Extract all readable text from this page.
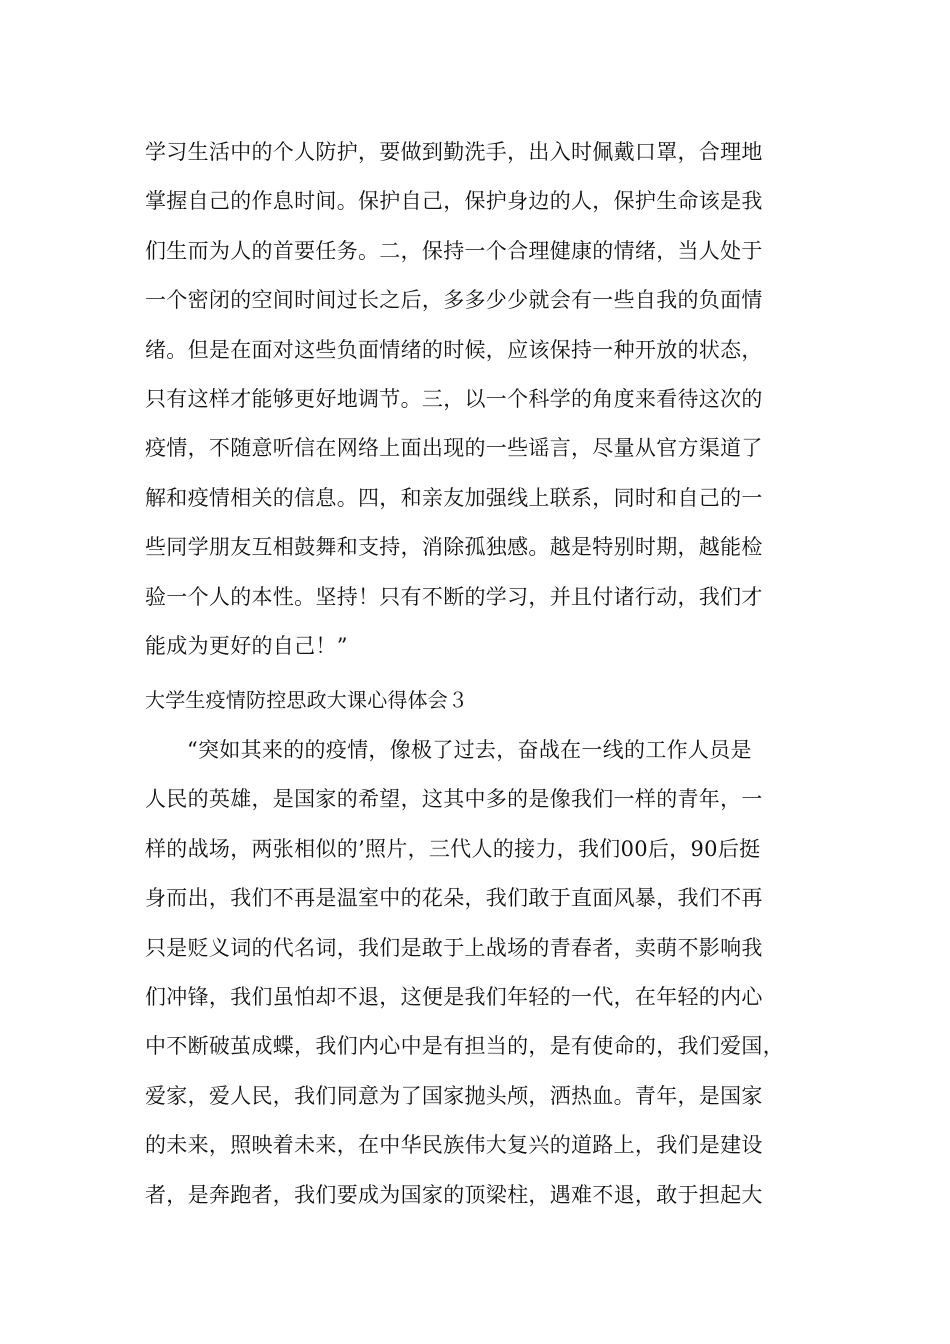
学习生活中的个人防护，要做到勤洗手，出入时佩戴口罩，合理地
掌握自己的作息时间。保护自己，保护身边的人，保护生命该是我
们生而为人的首要任务。二，保持一个合理健康的情绪，当人处于
一个密闭的空间时间过长之后，多多少少就会有一些自我的负面情
绪。但是在面对这些负面情绪的时候，应该保持一种开放的状态，
只有这样才能够更好地调节。三，以一个科学的角度来看待这次的
疫情，不随意听信在网络上面出现的一些谣言，尽量从官方渠道了
解和疫情相关的信息。四，和亲友加强线上联系，同时和自己的一
些同学朋友互相鼓舞和支持，消除孤独感。越是特别时期，越能检
验一个人的本性。坚持！只有不断的学习，并且付诸行动，我们才
能成为更好的自己！”
大学生疫情防控思政大课心得体会３
“突如其来的的疫情，像极了过去，奋战在一线的工作人员是
人民的英雄，是国家的希望，这其中多的是像我们一样的青年，一
样的战场，两张相似的’照片，三代人的接力，我们00后，90后挺
身而出，我们不再是温室中的花朵，我们敢于直面风暴，我们不再
只是贬义词的代名词，我们是敢于上战场的青春者，卖萌不影响我
们冲锋，我们虽怕却不退，这便是我们年轻的一代，在年轻的内心
中不断破茧成蝶，我们内心中是有担当的，是有使命的，我们爱国，
爱家，爱人民，我们同意为了国家抛头颅，洒热血。青年，是国家
的未来，照映着未来，在中华民族伟大复兴的道路上，我们是建设
者，是奔跑者，我们要成为国家的顶梁柱，遇难不退，敢于担起大
